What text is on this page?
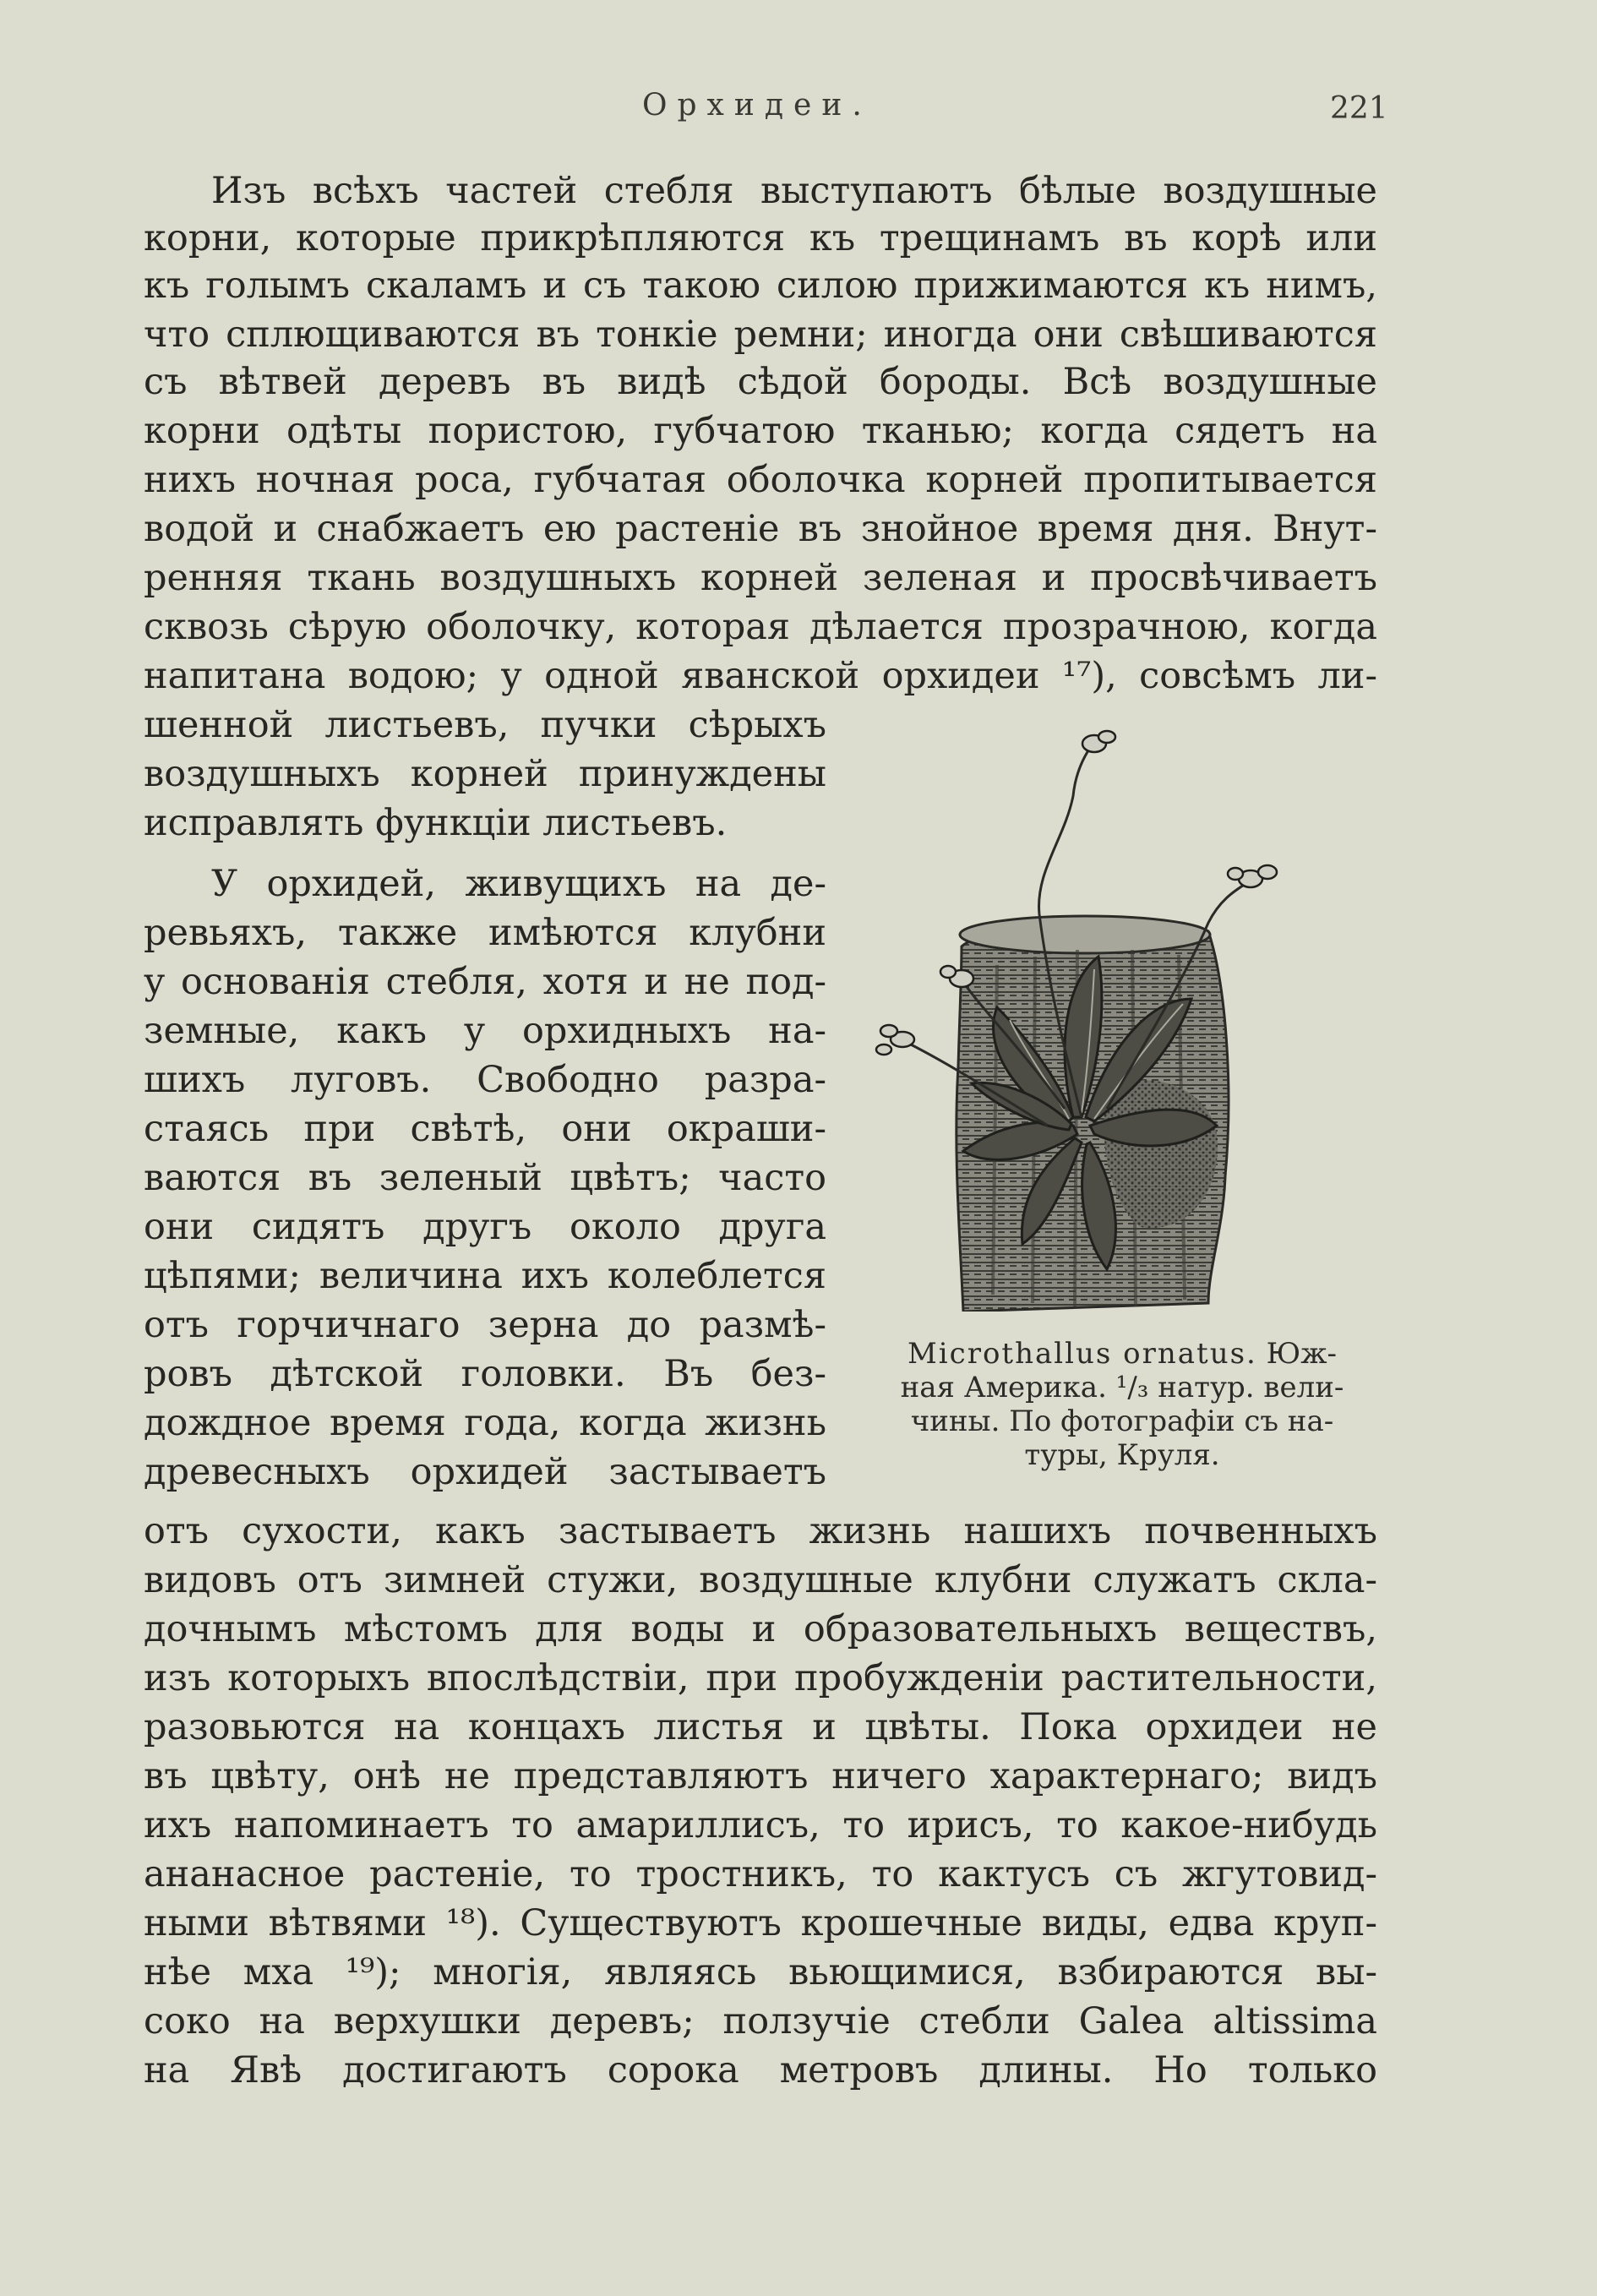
Орхидеи.	221
Изъ всѣхъ частей стебля выступаютъ бѣлые воздушные
корни, которые прикрѣпляются къ трещинамъ въ корѣ или
къ голымъ скаламъ и съ такою силою прижимаются къ нимъ,
что сплющиваются въ тонкіе ремни; иногда они свѣшиваются
съ вѣтвей деревъ въ видѣ сѣдой бороды. Всѣ воздушные
корни одѣты пористою, губчатою тканью; когда сядетъ на
нихъ ночная роса, губчатая оболочка корней пропитывается
водой и снабжаетъ ею растеніе въ знойное время дня. Внут-
ренняя ткань воздушныхъ корней зеленая и просвѣчиваетъ
сквозь сѣрую оболочку, которая дѣлается прозрачною, когда
напитана водою; у одной яванской орхидеи ¹⁷), совсѣмъ ли-
шенной листьевъ, пучки сѣрыхъ
воздушныхъ корней принуждены
исправлять функціи листьевъ.
У орхидей, живущихъ на де-
ревьяхъ, также имѣются клубни
у основанія стебля, хотя и не под-
земные, какъ у орхидныхъ на-
шихъ луговъ. Свободно разра-
стаясь при свѣтѣ, они окраши-
ваются въ зеленый цвѣтъ; часто
они сидятъ другъ около друга
цѣпями; величина ихъ колеблется
отъ горчичнаго зерна до размѣ-
ровъ дѣтской головки. Въ без-
дождное время года, когда жизнь
древесныхъ орхидей застываетъ
отъ сухости, какъ застываетъ жизнь нашихъ почвенныхъ
видовъ отъ зимней стужи, воздушные клубни служатъ скла-
дочнымъ мѣстомъ для воды и образовательныхъ веществъ,
изъ которыхъ впослѣдствіи, при пробужденіи растительности,
разовьются на концахъ листья и цвѣты. Пока орхидеи не
въ цвѣту, онѣ не представляютъ ничего характернаго; видъ
ихъ напоминаетъ то амариллисъ, то ирисъ, то какое-нибудь
ананасное растеніе, то тростникъ, то кактусъ съ жгутовид-
ными вѣтвями ¹⁸). Существуютъ крошечные виды, едва круп-
нѣе мха ¹⁹); многія, являясь вьющимися, взбираются вы-
соко на верхушки деревъ; ползучіе стебли Galea altissima
на Явѣ достигаютъ сорока метровъ длины. Но только
Microthallus ornatus. Юж-
ная Америка. ¹/₃ натур. вели-
чины. По фотографіи съ на-
туры, Круля.
